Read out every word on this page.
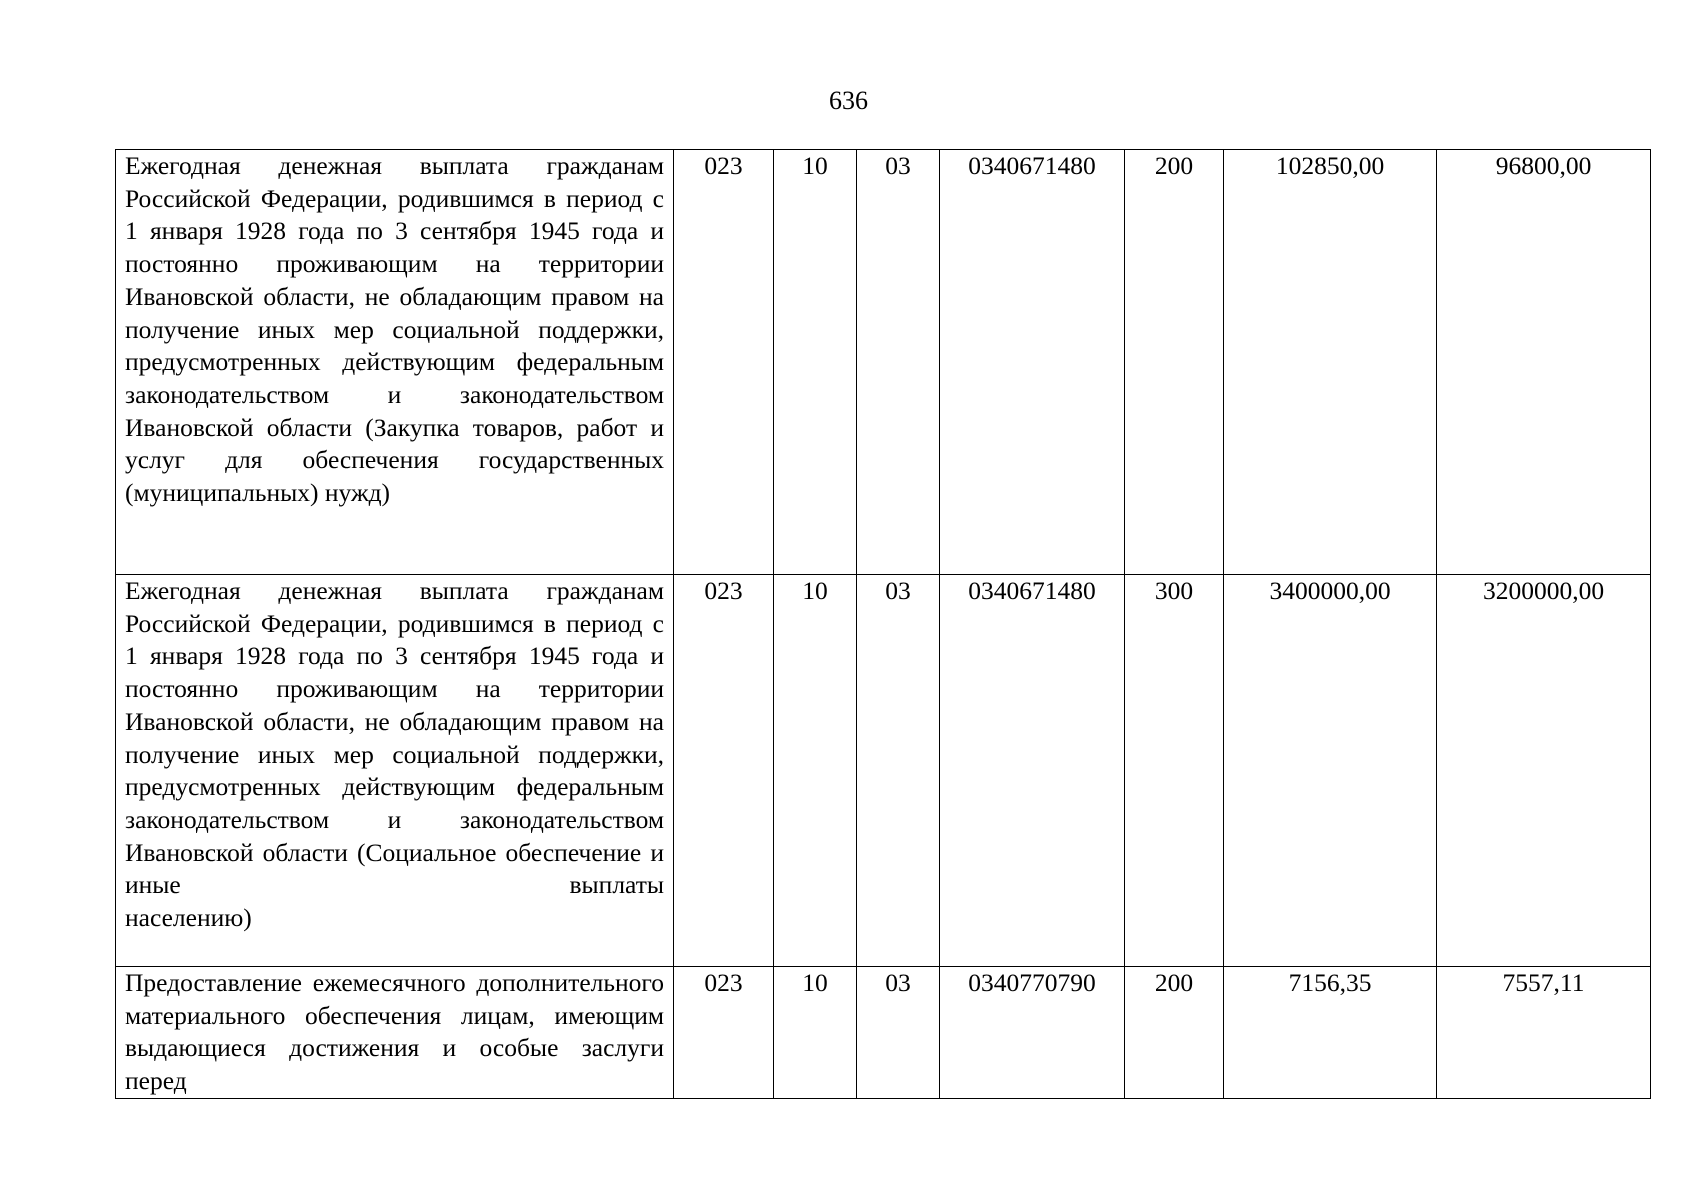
636
Ежегодная денежная выплата гражданам Российской Федерации, родившимся в период с 1 января 1928 года по 3 сентября 1945 года и постоянно проживающим на территории Ивановской области, не обладающим правом на получение иных мер социальной поддержки, предусмотренных действующим федеральным законодательством и законодательством Ивановской области (Закупка товаров, работ и услуг для обеспечения государственных
(муниципальных) нужд)	023	10	03	0340671480	200	102850,00	96800,00
Ежегодная денежная выплата гражданам Российской Федерации, родившимся в период с 1 января 1928 года по 3 сентября 1945 года и постоянно проживающим на территории Ивановской области, не обладающим правом на получение иных мер социальной поддержки, предусмотренных действующим федеральным законодательством и законодательством Ивановской области (Социальное обеспечение и иные выплаты
населению)	023	10	03	0340671480	300	3400000,00	3200000,00
Предоставление ежемесячного дополнительного материального обеспечения лицам, имеющим выдающиеся достижения и особые заслуги перед	023	10	03	0340770790	200	7156,35	7557,11
